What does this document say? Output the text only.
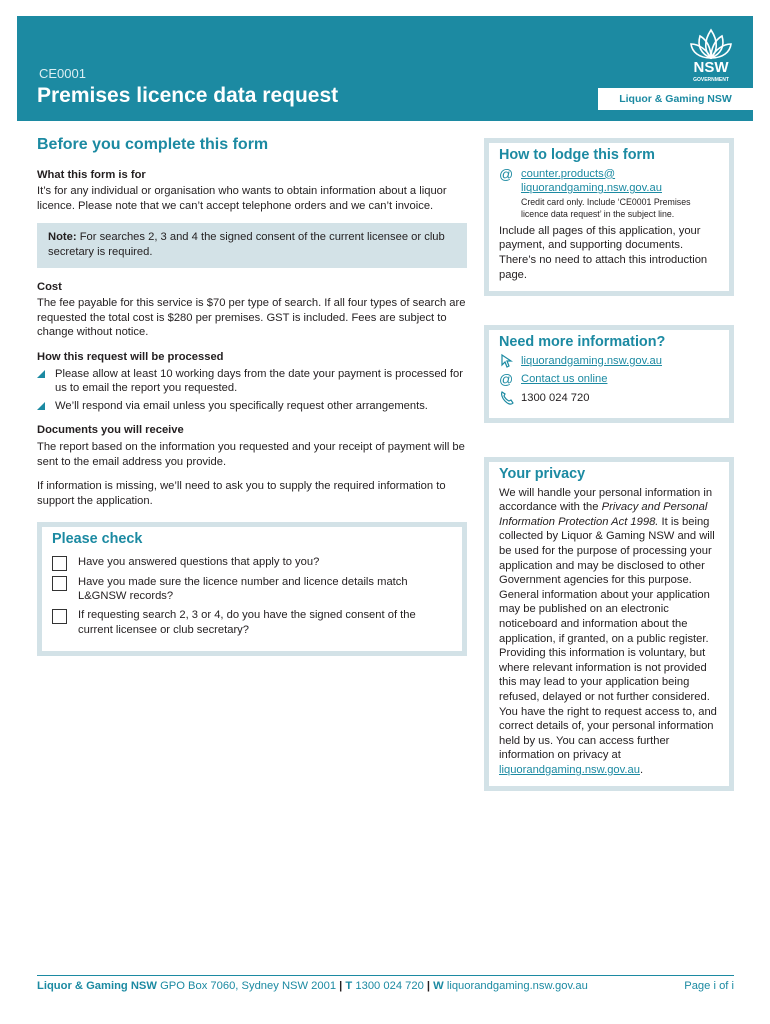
CE0001
Premises licence data request
NSW
GOVERNMENT
Liquor & Gaming NSW
Before you complete this form
What this form is for
It’s for any individual or organisation who wants to obtain information about a liquor licence. Please note that we can’t accept telephone orders and we can’t invoice.
Note: For searches 2, 3 and 4 the signed consent of the current licensee or club secretary is required.
Cost
The fee payable for this service is $70 per type of search. If all four types of search are requested the total cost is $280 per premises. GST is included. Fees are subject to change without notice.
How this request will be processed
Please allow at least 10 working days from the date your payment is processed for us to email the report you requested.
We’ll respond via email unless you specifically request other arrangements.
Documents you will receive
The report based on the information you requested and your receipt of payment will be sent to the email address you provide.
If information is missing, we’ll need to ask you to supply the required information to support the application.
Please check
Have you answered questions that apply to you?
Have you made sure the licence number and licence details match L&GNSW records?
If requesting search 2, 3 or 4, do you have the signed consent of the current licensee or club secretary?
How to lodge this form
@ counter.products@ liquorandgaming.nsw.gov.au
Credit card only. Include ‘CE0001 Premises licence data request’ in the subject line.
Include all pages of this application, your payment, and supporting documents. There’s no need to attach this introduction page.
Need more information?
liquorandgaming.nsw.gov.au
@ Contact us online
1300 024 720
Your privacy
We will handle your personal information in accordance with the Privacy and Personal Information Protection Act 1998. It is being collected by Liquor & Gaming NSW and will be used for the purpose of processing your application and may be disclosed to other Government agencies for this purpose. General information about your application may be published on an electronic noticeboard and information about the application, if granted, on a public register. Providing this information is voluntary, but where relevant information is not provided this may lead to your application being refused, delayed or not further considered. You have the right to request access to, and correct details of, your personal information held by us. You can access further information on privacy at liquorandgaming.nsw.gov.au.
Liquor & Gaming NSW GPO Box 7060, Sydney NSW 2001 | T 1300 024 720 | W liquorandgaming.nsw.gov.au	Page i of i
